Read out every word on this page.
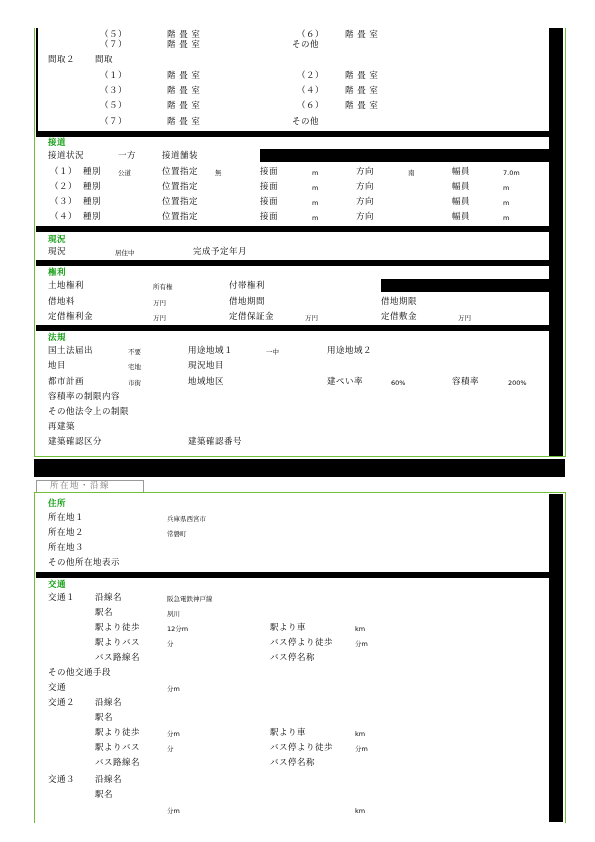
所在地・沿線
（５）	階 畳 室	（６） 階 畳 室
（７）	階 畳 室	その他
間取２ 間取
（１）	階 畳 室	（２） 階 畳 室
（３）	階 畳 室	（４） 階 畳 室
（５）	階 畳 室	（６） 階 畳 室
（７）	階 畳 室	その他
接道
接道状況	一方	接道舗装
（１） 種別	公道	位置指定	無	接面	m	方向	南	幅員	7.0m
（２） 種別	位置指定	接面	m	方向	幅員	m
（３） 種別	位置指定	接面	m	方向	幅員	m
（４） 種別	位置指定	接面	m	方向	幅員	m
現況
現況	居住中	完成予定年月
権利
土地権利	所有権	付帯権利
借地料	万円	借地期間	借地期限
定借権利金	万円	定借保証金	万円	定借敷金	万円
法規
国土法届出	不要	用途地域１	一中	用途地域２
地目	宅地	現況地目
都市計画	市街	地域地区	建ぺい率	60%	容積率	200%
容積率の制限内容
その他法令上の制限
再建築
建築確認区分	建築確認番号
住所
所在地１	兵庫県西宮市
所在地２	常磐町
所在地３
その他所在地表示
交通
交通１ 沿線名	阪急電鉄神戸線
駅名	夙川
駅より徒歩	12分m	駅より車	km
駅よりバス	分	バス停より徒歩	分m
バス路線名	バス停名称
その他交通手段
交通	分m
交通２ 沿線名
駅名
駅より徒歩	分m	駅より車	km
駅よりバス	分	バス停より徒歩	分m
バス路線名	バス停名称
交通３ 沿線名
駅名
分m	km
